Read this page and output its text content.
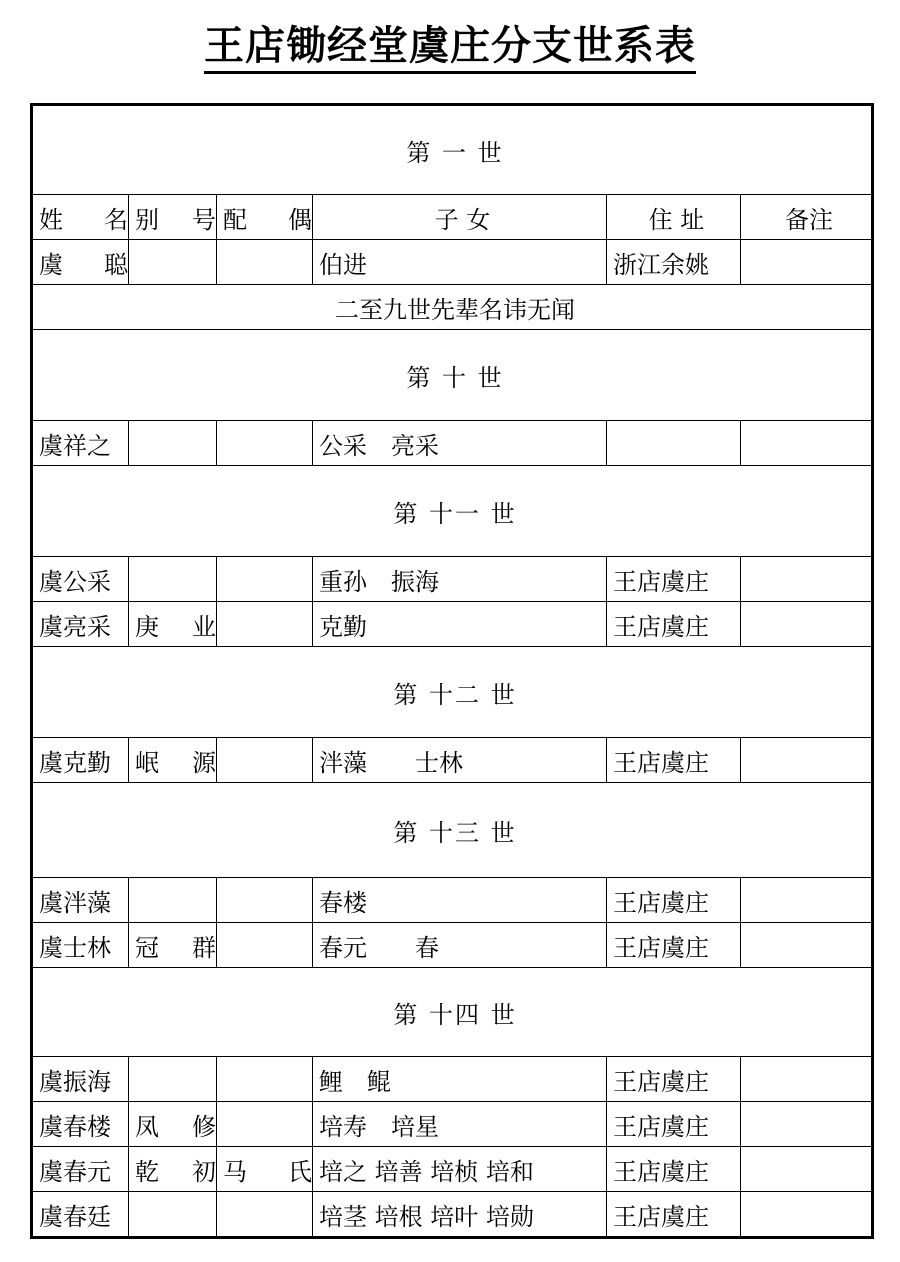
王店锄经堂虞庄分支世系表
第 一 世					
姓 名	别号	配 偶	子 女	住 址	备注
虞 聪			伯进	浙江余姚	
二至九世先辈名讳无闻					
第 十 世					
虞祥之			公采　亮采		
第 十一 世					
虞公采			重孙　振海	王店虞庄	
虞亮采	庚 业		克勤	王店虞庄	
第 十二 世					
虞克勤	岷 源		泮藻　　士林	王店虞庄	
第 十三 世					
虞泮藻			春楼	王店虞庄	
虞士林	冠 群		春元　　春	王店虞庄	
第 十四 世					
虞振海			鲤　鲲	王店虞庄	
虞春楼	凤 修		培寿　培星	王店虞庄	
虞春元	乾 初	马 氏	培之 培善 培桢 培和	王店虞庄	
虞春廷			培茎 培根 培叶 培勋	王店虞庄	
